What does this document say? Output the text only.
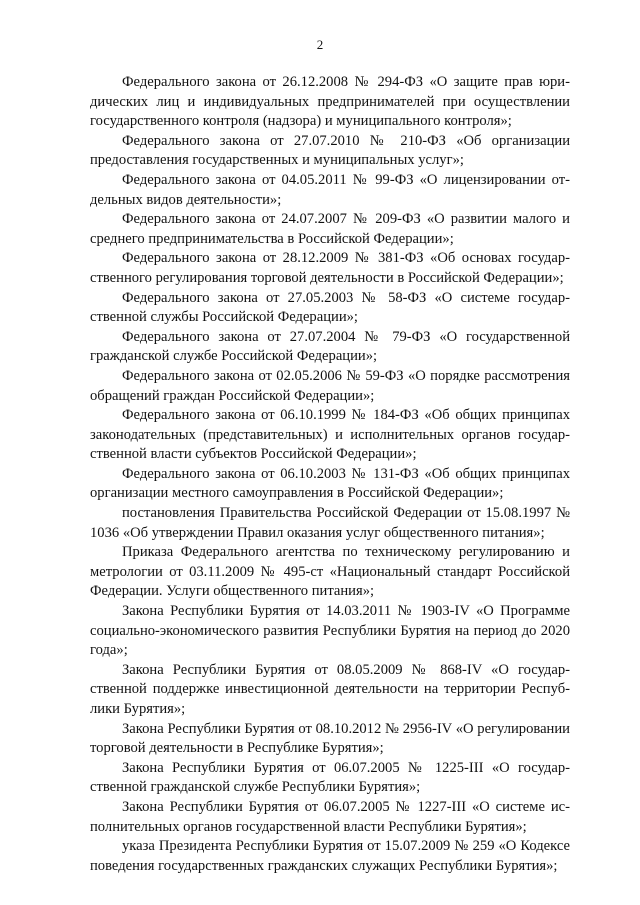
2

Федерального закона от 26.12.2008 № 294-ФЗ «О защите прав юридических лиц и индивидуальных предпринимателей при осуществлении государственного контроля (надзора) и муниципального контроля»;

Федерального закона от 27.07.2010 № 210-ФЗ «Об организации предоставления государственных и муниципальных услуг»;

Федерального закона от 04.05.2011 № 99-ФЗ «О лицензировании отдельных видов деятельности»;

Федерального закона от 24.07.2007 № 209-ФЗ «О развитии малого и среднего предпринимательства в Российской Федерации»;

Федерального закона от 28.12.2009 № 381-ФЗ «Об основах государственного регулирования торговой деятельности в Российской Федерации»;

Федерального закона от 27.05.2003 № 58-ФЗ «О системе государственной службы Российской Федерации»;

Федерального закона от 27.07.2004 № 79-ФЗ «О государственной гражданской службе Российской Федерации»;

Федерального закона от 02.05.2006 № 59-ФЗ «О порядке рассмотрения обращений граждан Российской Федерации»;

Федерального закона от 06.10.1999 № 184-ФЗ «Об общих принципах законодательных (представительных) и исполнительных органов государственной власти субъектов Российской Федерации»;

Федерального закона от 06.10.2003 № 131-ФЗ «Об общих принципах организации местного самоуправления в Российской Федерации»;

постановления Правительства Российской Федерации от 15.08.1997 № 1036 «Об утверждении Правил оказания услуг общественного питания»;

Приказа Федерального агентства по техническому регулированию и метрологии от 03.11.2009 № 495-ст «Национальный стандарт Российской Федерации. Услуги общественного питания»;

Закона Республики Бурятия от 14.03.2011 № 1903-IV «О Программе социально-экономического развития Республики Бурятия на период до 2020 года»;

Закона Республики Бурятия от 08.05.2009 № 868-IV «О государственной поддержке инвестиционной деятельности на территории Республики Бурятия»;

Закона Республики Бурятия от 08.10.2012 № 2956-IV «О регулировании торговой деятельности в Республике Бурятия»;

Закона Республики Бурятия от 06.07.2005 № 1225-III «О государственной гражданской службе Республики Бурятия»;

Закона Республики Бурятия от 06.07.2005 № 1227-III «О системе исполнительных органов государственной власти Республики Бурятия»;

указа Президента Республики Бурятия от 15.07.2009 № 259 «О Кодексе поведения государственных гражданских служащих Республики Бурятия»;
